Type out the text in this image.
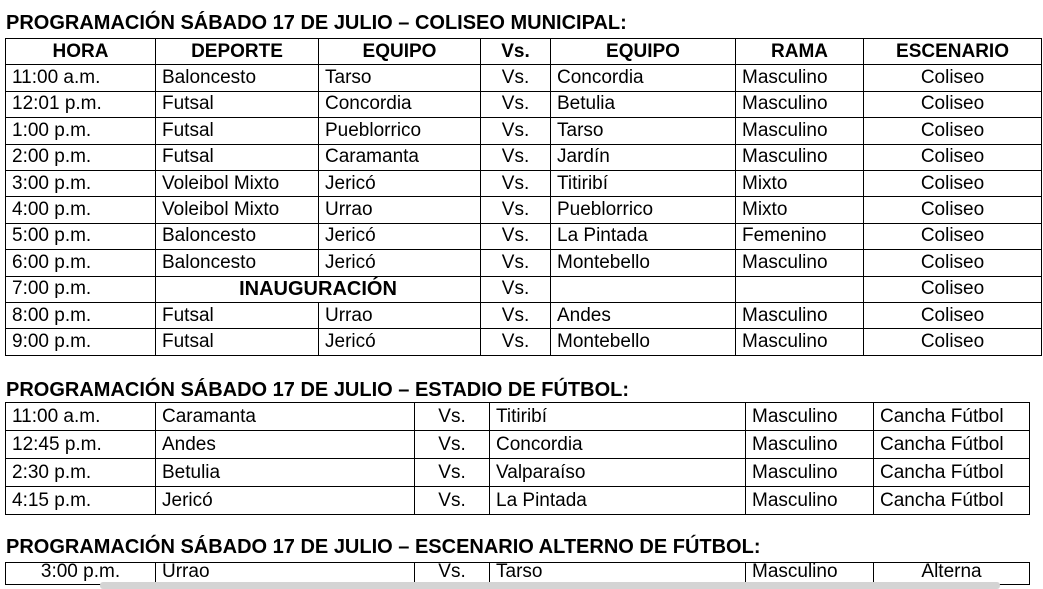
PROGRAMACIÓN SÁBADO 17 DE JULIO – COLISEO MUNICIPAL:
HORA	DEPORTE	EQUIPO	Vs.	EQUIPO	RAMA	ESCENARIO
11:00 a.m.	Baloncesto	Tarso	Vs.	Concordia	Masculino	Coliseo
12:01 p.m.	Futsal	Concordia	Vs.	Betulia	Masculino	Coliseo
1:00 p.m.	Futsal	Pueblorrico	Vs.	Tarso	Masculino	Coliseo
2:00 p.m.	Futsal	Caramanta	Vs.	Jardín	Masculino	Coliseo
3:00 p.m.	Voleibol Mixto	Jericó	Vs.	Titiribí	Mixto	Coliseo
4:00 p.m.	Voleibol Mixto	Urrao	Vs.	Pueblorrico	Mixto	Coliseo
5:00 p.m.	Baloncesto	Jericó	Vs.	La Pintada	Femenino	Coliseo
6:00 p.m.	Baloncesto	Jericó	Vs.	Montebello	Masculino	Coliseo
7:00 p.m.	INAUGURACIÓN		Vs.			Coliseo
8:00 p.m.	Futsal	Urrao	Vs.	Andes	Masculino	Coliseo
9:00 p.m.	Futsal	Jericó	Vs.	Montebello	Masculino	Coliseo
PROGRAMACIÓN SÁBADO 17 DE JULIO – ESTADIO DE FÚTBOL:
11:00 a.m.	Caramanta	Vs.	Titiribí	Masculino	Cancha Fútbol
12:45 p.m.	Andes	Vs.	Concordia	Masculino	Cancha Fútbol
2:30 p.m.	Betulia	Vs.	Valparaíso	Masculino	Cancha Fútbol
4:15 p.m.	Jericó	Vs.	La Pintada	Masculino	Cancha Fútbol
PROGRAMACIÓN SÁBADO 17 DE JULIO – ESCENARIO ALTERNO DE FÚTBOL:
3:00 p.m.	Urrao	Vs.	Tarso	Masculino	Alterna
